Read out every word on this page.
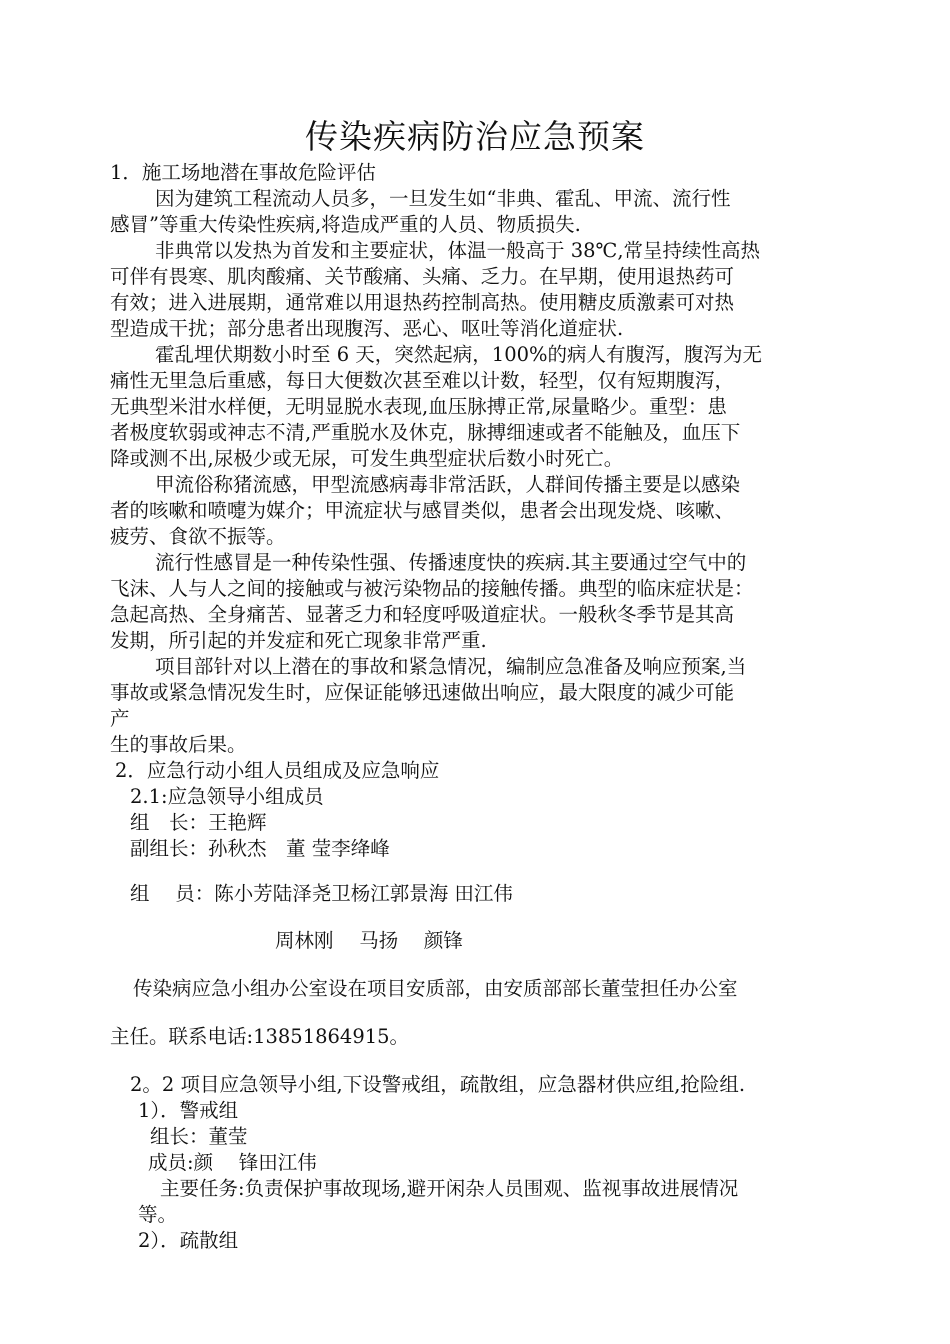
传染疾病防治应急预案
1．施工场地潜在事故危险评估
因为建筑工程流动人员多，一旦发生如“非典、霍乱、甲流、流行性
感冒”等重大传染性疾病,将造成严重的人员、物质损失.
非典常以发热为首发和主要症状，体温一般高于 38℃,常呈持续性高热
可伴有畏寒、肌肉酸痛、关节酸痛、头痛、乏力。在早期，使用退热药可
有效；进入进展期，通常难以用退热药控制高热。使用糖皮质激素可对热
型造成干扰；部分患者出现腹泻、恶心、呕吐等消化道症状.
霍乱埋伏期数小时至 6 天，突然起病，100%的病人有腹泻，腹泻为无
痛性无里急后重感，每日大便数次甚至难以计数，轻型，仅有短期腹泻，
无典型米泔水样便，无明显脱水表现,血压脉搏正常,尿量略少。重型：患
者极度软弱或神志不清,严重脱水及休克，脉搏细速或者不能触及，血压下
降或测不出,尿极少或无尿，可发生典型症状后数小时死亡。
甲流俗称猪流感，甲型流感病毒非常活跃，人群间传播主要是以感染
者的咳嗽和喷嚏为媒介；甲流症状与感冒类似，患者会出现发烧、咳嗽、
疲劳、食欲不振等。
流行性感冒是一种传染性强、传播速度快的疾病.其主要通过空气中的
飞沫、人与人之间的接触或与被污染物品的接触传播。典型的临床症状是：
急起高热、全身痛苦、显著乏力和轻度呼吸道症状。一般秋冬季节是其高
发期，所引起的并发症和死亡现象非常严重.
项目部针对以上潜在的事故和紧急情况，编制应急准备及响应预案,当
事故或紧急情况发生时，应保证能够迅速做出响应，最大限度的减少可能
产
生的事故后果。
2．应急行动小组人员组成及应急响应
2.1:应急领导小组成员
组　长：王艳辉
副组长：孙秋杰　董 莹李绛峰
组　 员：陈小芳陆泽尧卫杨江郭景海 田江伟
周林刚　 马扬　 颜锋
传染病应急小组办公室设在项目安质部，由安质部部长董莹担任办公室
主任。联系电话:13851864915。
2。2 项目应急领导小组,下设警戒组，疏散组，应急器材供应组,抢险组.
1）．警戒组
组长：董莹
成员:颜　 锋田江伟
主要任务:负责保护事故现场,避开闲杂人员围观、监视事故进展情况
等。
2）．疏散组
